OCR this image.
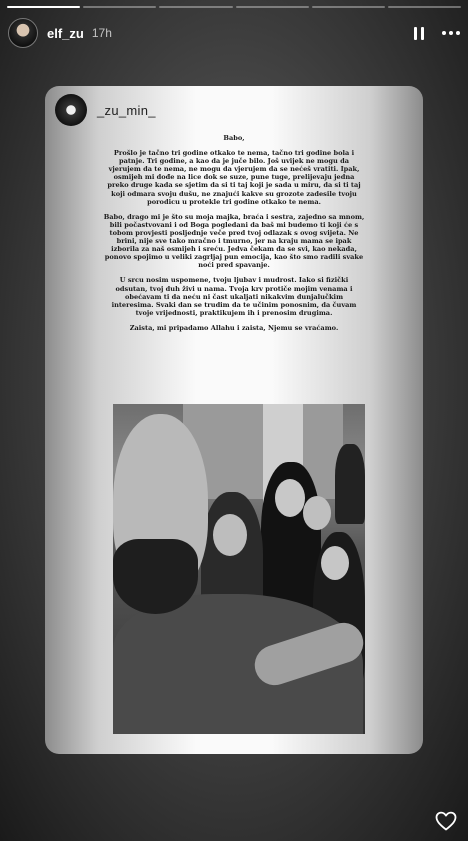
elf_zu 17h
_zu_min_

Babo,

Prošlo je tačno tri godine otkako te nema, tačno tri godine bola i patnje. Tri godine, a kao da je juče bilo. Još uvijek ne mogu da vjerujem da te nema, ne mogu da vjerujem da se nećeš vratiti. Ipak, osmijeh mi dođe na lice dok se suze, pune tuge, prelijevaju jedna preko druge kada se sjetim da si ti taj koji je sada u miru, da si ti taj koji odmara svoju dušu, ne znajući kakve su grozote zadesile tvoju porodicu u protekle tri godine otkako te nema.

Babo, drago mi je što su moja majka, braća i sestra, zajedno sa mnom, bili počastvovani i od Boga pogledani da baš mi budemo ti koji će s tobom provjesti posljednje veče pred tvoj odlazak s ovog svijeta. Ne brini, nije sve tako mračno i tmurno, jer na kraju mama se ipak izborila za naš osmijeh i sreću. Jedva čekam da se svi, kao nekada, ponovo spojimo u veliki zagrljaj pun emocija, kao što smo radili svake noći pred spavanje.

U srcu nosim uspomene, tvoju ljubav i mudrost. Iako si fizički odsutan, tvoj duh živi u nama. Tvoja krv protiče mojim venama i obećavam ti da neću ni čast ukaljati nikakvim dunjalučkim interesima. Svaki dan se trudim da te učinim ponosnim, da čuvam tvoje vrijednosti, praktikujem ih i prenosim drugima.

Zaista, mi pripadamo Allahu i zaista, Njemu se vraćamo.
